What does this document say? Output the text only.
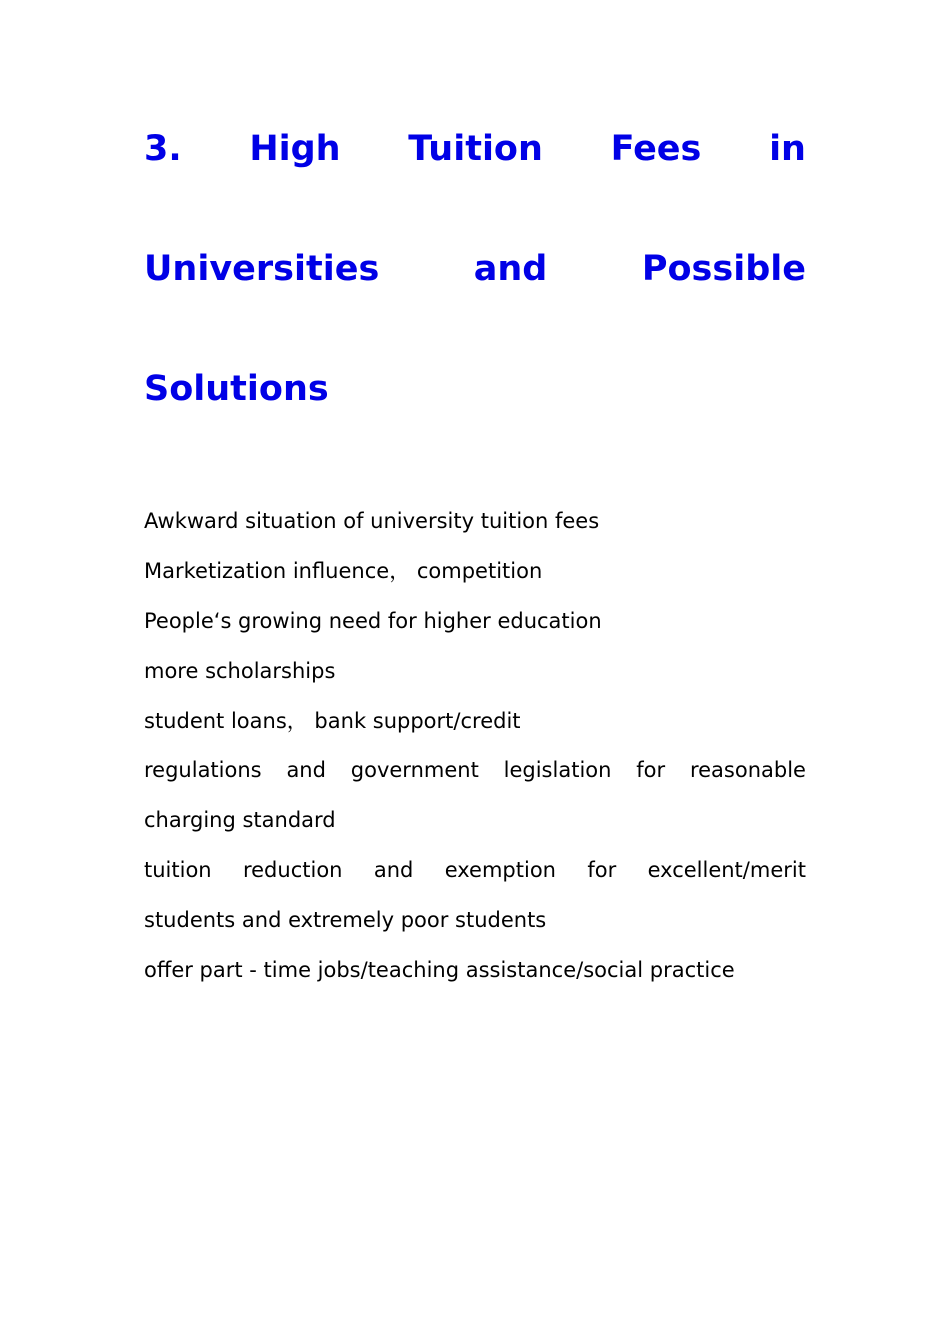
3. High Tuition Fees in
Universities	and	Possible
Solutions
Awkward situation of university tuition fees
Marketization influence， competition
People‘s growing need for higher education
more scholarships
student loans， bank support/credit
regulations and government legislation for reasonable
charging standard
tuition reduction and exemption for excellent/merit
students and extremely poor students
offer part - time jobs/teaching assistance/social practice
